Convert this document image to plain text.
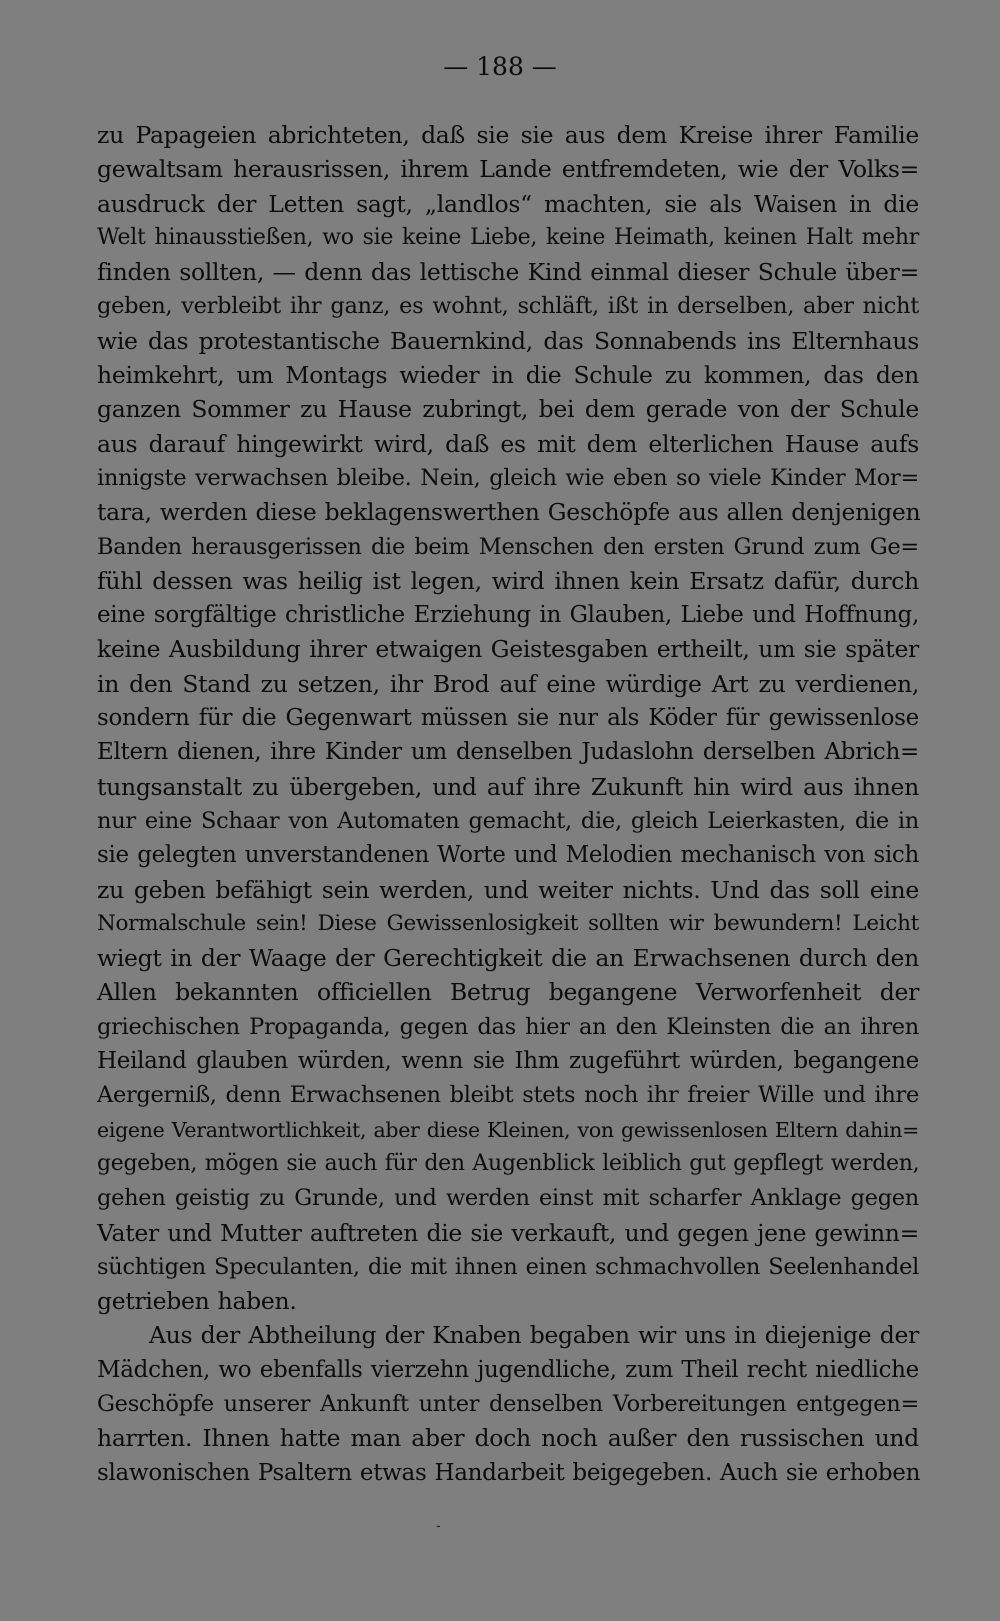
— 188 —
zu Papageien abrichteten, daß sie sie aus dem Kreise ihrer Familie
gewaltsam herausrissen, ihrem Lande entfremdeten, wie der Volks=
ausdruck der Letten sagt, „landlos“ machten, sie als Waisen in die
Welt hinausstießen, wo sie keine Liebe, keine Heimath, keinen Halt mehr
finden sollten, — denn das lettische Kind einmal dieser Schule über=
geben, verbleibt ihr ganz, es wohnt, schläft, ißt in derselben, aber nicht
wie das protestantische Bauernkind, das Sonnabends ins Elternhaus
heimkehrt, um Montags wieder in die Schule zu kommen, das den
ganzen Sommer zu Hause zubringt, bei dem gerade von der Schule
aus darauf hingewirkt wird, daß es mit dem elterlichen Hause aufs
innigste verwachsen bleibe. Nein, gleich wie eben so viele Kinder Mor=
tara, werden diese beklagenswerthen Geschöpfe aus allen denjenigen
Banden herausgerissen die beim Menschen den ersten Grund zum Ge=
fühl dessen was heilig ist legen, wird ihnen kein Ersatz dafür, durch
eine sorgfältige christliche Erziehung in Glauben, Liebe und Hoffnung,
keine Ausbildung ihrer etwaigen Geistesgaben ertheilt, um sie später
in den Stand zu setzen, ihr Brod auf eine würdige Art zu verdienen,
sondern für die Gegenwart müssen sie nur als Köder für gewissenlose
Eltern dienen, ihre Kinder um denselben Judaslohn derselben Abrich=
tungsanstalt zu übergeben, und auf ihre Zukunft hin wird aus ihnen
nur eine Schaar von Automaten gemacht, die, gleich Leierkasten, die in
sie gelegten unverstandenen Worte und Melodien mechanisch von sich
zu geben befähigt sein werden, und weiter nichts. Und das soll eine
Normalschule sein! Diese Gewissenlosigkeit sollten wir bewundern! Leicht
wiegt in der Waage der Gerechtigkeit die an Erwachsenen durch den
Allen bekannten officiellen Betrug begangene Verworfenheit der
griechischen Propaganda, gegen das hier an den Kleinsten die an ihren
Heiland glauben würden, wenn sie Ihm zugeführt würden, begangene
Aergerniß, denn Erwachsenen bleibt stets noch ihr freier Wille und ihre
eigene Verantwortlichkeit, aber diese Kleinen, von gewissenlosen Eltern dahin=
gegeben, mögen sie auch für den Augenblick leiblich gut gepflegt werden,
gehen geistig zu Grunde, und werden einst mit scharfer Anklage gegen
Vater und Mutter auftreten die sie verkauft, und gegen jene gewinn=
süchtigen Speculanten, die mit ihnen einen schmachvollen Seelenhandel
getrieben haben.
Aus der Abtheilung der Knaben begaben wir uns in diejenige der
Mädchen, wo ebenfalls vierzehn jugendliche, zum Theil recht niedliche
Geschöpfe unserer Ankunft unter denselben Vorbereitungen entgegen=
harrten. Ihnen hatte man aber doch noch außer den russischen und
slawonischen Psaltern etwas Handarbeit beigegeben. Auch sie erhoben
-
